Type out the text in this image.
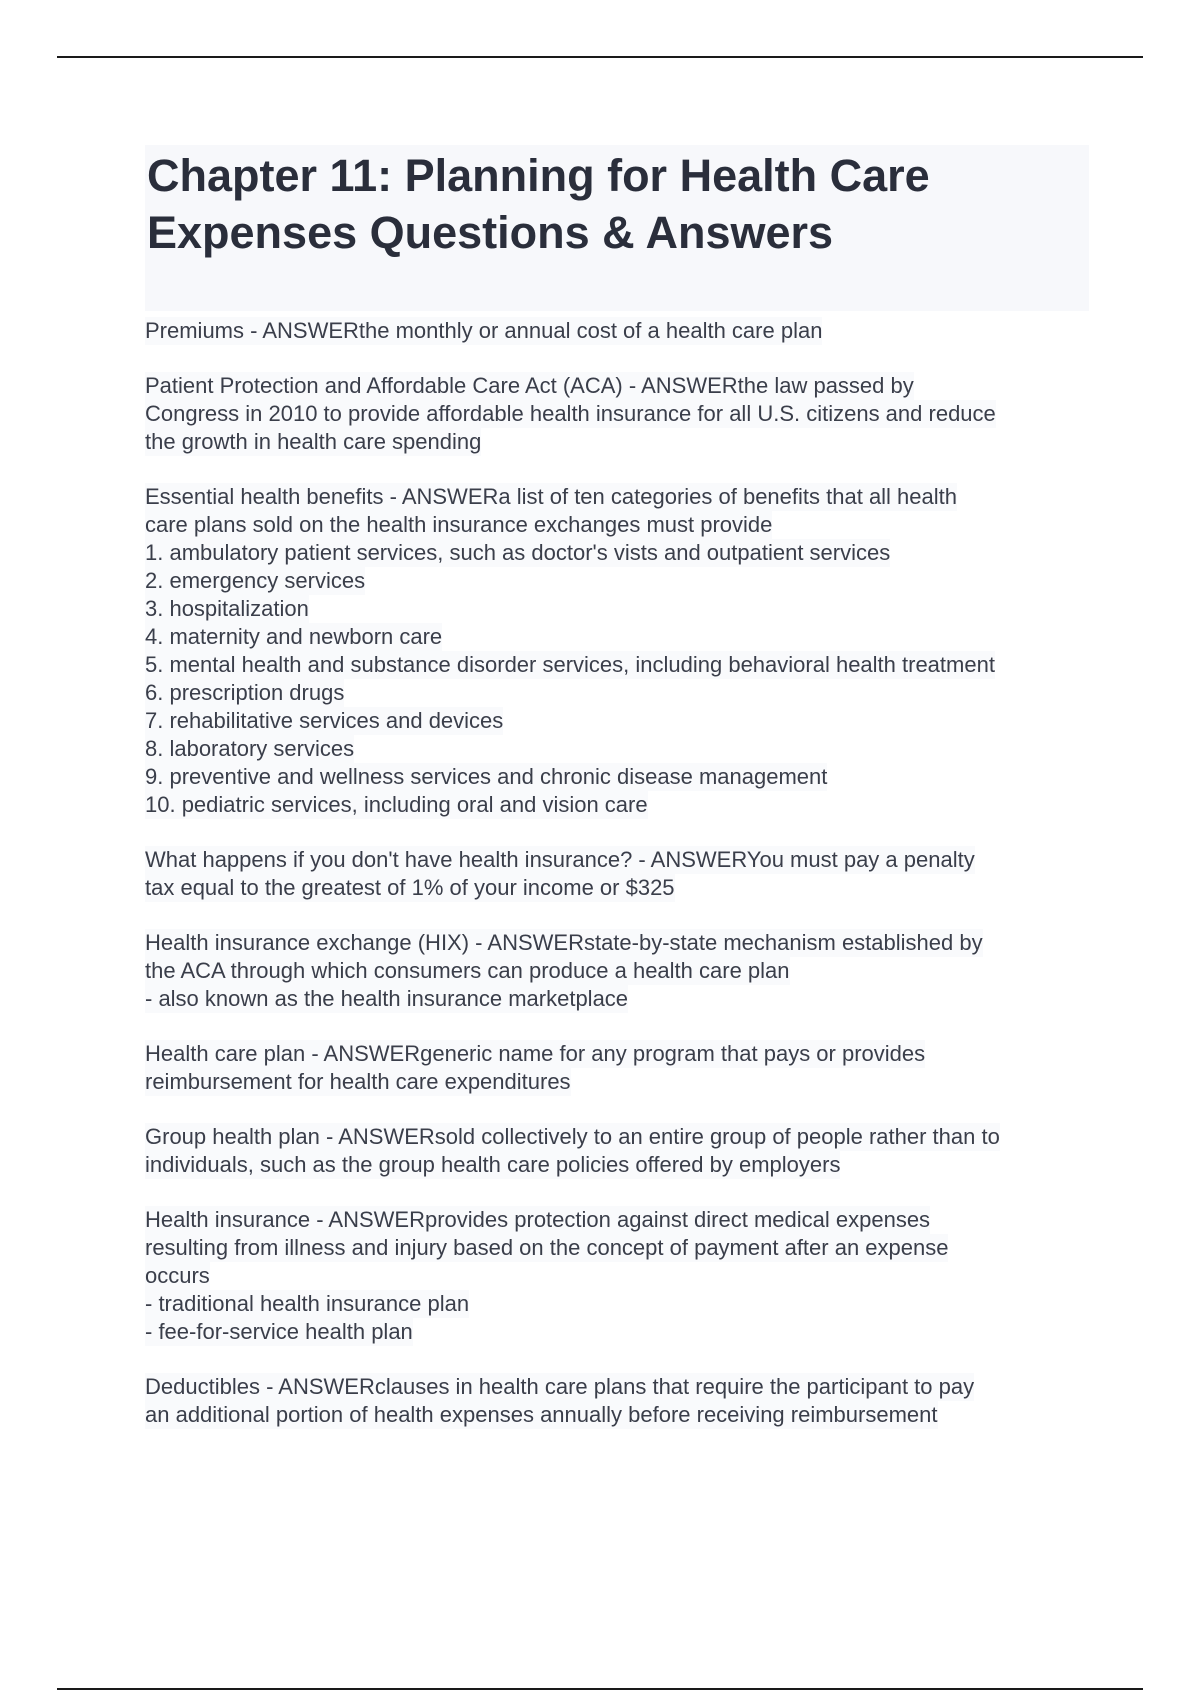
Chapter 11: Planning for Health Care Expenses Questions & Answers
Premiums - ANSWERthe monthly or annual cost of a health care plan
Patient Protection and Affordable Care Act (ACA) - ANSWERthe law passed by
Congress in 2010 to provide affordable health insurance for all U.S. citizens and reduce
the growth in health care spending
Essential health benefits - ANSWERa list of ten categories of benefits that all health
care plans sold on the health insurance exchanges must provide
1. ambulatory patient services, such as doctor's vists and outpatient services
2. emergency services
3. hospitalization
4. maternity and newborn care
5. mental health and substance disorder services, including behavioral health treatment
6. prescription drugs
7. rehabilitative services and devices
8. laboratory services
9. preventive and wellness services and chronic disease management
10. pediatric services, including oral and vision care
What happens if you don't have health insurance? - ANSWERYou must pay a penalty
tax equal to the greatest of 1% of your income or $325
Health insurance exchange (HIX) - ANSWERstate-by-state mechanism established by
the ACA through which consumers can produce a health care plan
- also known as the health insurance marketplace
Health care plan - ANSWERgeneric name for any program that pays or provides
reimbursement for health care expenditures
Group health plan - ANSWERsold collectively to an entire group of people rather than to
individuals, such as the group health care policies offered by employers
Health insurance - ANSWERprovides protection against direct medical expenses
resulting from illness and injury based on the concept of payment after an expense
occurs
- traditional health insurance plan
- fee-for-service health plan
Deductibles - ANSWERclauses in health care plans that require the participant to pay
an additional portion of health expenses annually before receiving reimbursement
